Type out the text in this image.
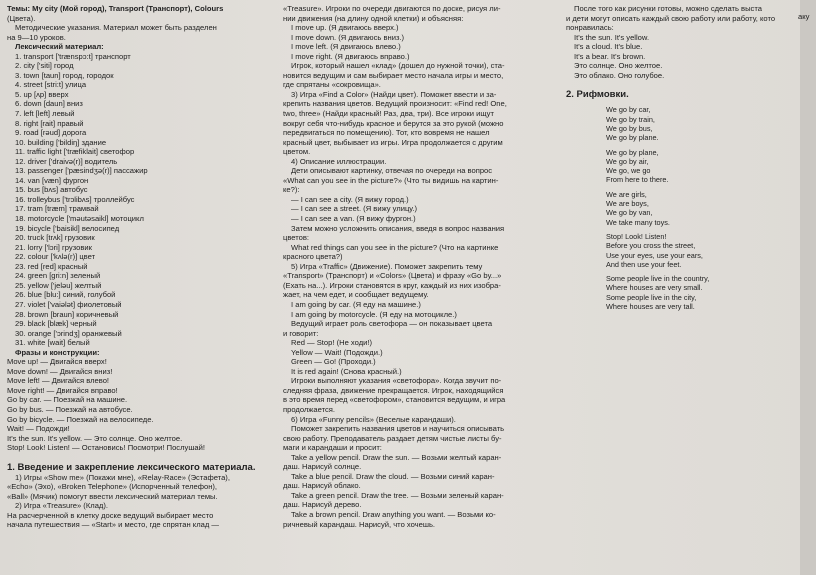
Темы: My city (Мой город), Transport (Транспорт), Colours
(Цвета).
Методические указания. Материал может быть разделен
на 9—10 уроков.
Лексический материал:
1. transport ['trænspɔ:t] транспорт
2. city ['siti] город
3. town [taun] город, городок
4. street [stri:t] улица
5. up [ʌp] вверх
6. down [daun] вниз
7. left [left] левый
8. right [rait] правый
9. road [rəud] дорога
10. building ['bildiŋ] здание
11. traffic light ['træfiklait] светофор
12. driver ['draivə(r)] водитель
13. passenger ['pæsindʒə(r)] пассажир
14. van [væn] фургон
15. bus [bʌs] автобус
16. trolleybus ['trɔlibʌs] троллейбус
17. tram [træm] трамвай
18. motorcycle ['məutəsaikl] мотоцикл
19. bicycle ['baisikl] велосипед
20. truck [trʌk] грузовик
21. lorry ['lɔri] грузовик
22. colour ['kʌlə(r)] цвет
23. red [red] красный
24. green [gri:n] зеленый
25. yellow ['jeləu] желтый
26. blue [blu:] синий, голубой
27. violet ['vaiələt] фиолетовый
28. brown [braun] коричневый
29. black [blæk] черный
30. orange ['ɔrindʒ] оранжевый
31. white [wait] белый
Фразы и конструкции:
Move up! — Двигайся вверх!
Move down! — Двигайся вниз!
Move left! — Двигайся влево!
Move right! — Двигайся вправо!
Go by car. — Поезжай на машине.
Go by bus. — Поезжай на автобусе.
Go by bicycle. — Поезжай на велосипеде.
Wait! — Подожди!
It's the sun. It's yellow. — Это солнце. Оно желтое.
Stop! Look! Listen! — Остановись! Посмотри! Послушай!
1. Введение и закрепление лексического материала.
1) Игры «Show me» (Покажи мне), «Relay-Race» (Эстафета),
«Echo» (Эхо), «Broken Telephone» (Испорченный телефон),
«Ball» (Мячик) помогут ввести лексический материал темы.
2) Игра «Treasure» (Клад).
На расчерченной в клетку доске ведущий выбирает место
начала путешествия — «Start» и место, где спрятан клад —
«Treasure». Игроки по очереди двигаются по доске, рисуя ли-
нии движения (на длину одной клетки) и объясняя:
I move up. (Я двигаюсь вверх.)
I move down. (Я двигаюсь вниз.)
I move left. (Я двигаюсь влево.)
I move right. (Я двигаюсь вправо.)
Игрок, который нашел «клад» (дошел до нужной точки), ста-
новится ведущим и сам выбирает место начала игры и место,
где спрятаны «сокровища».
3) Игра «Find a Color» (Найди цвет). Поможет ввести и за-
крепить названия цветов. Ведущий произносит: «Find red! One,
two, three» (Найди красный! Раз, два, три). Все игроки ищут
вокруг себя что-нибудь красное и берутся за это рукой (можно
передвигаться по помещению). Тот, кто вовремя не нашел
красный цвет, выбывает из игры. Игра продолжается с другим
цветом.
4) Описание иллюстрации.
Дети описывают картинку, отвечая по очереди на вопрос
«What can you see in the picture?» (Что ты видишь на картин-
ке?):
— I can see a city. (Я вижу город.)
— I can see a street. (Я вижу улицу.)
— I can see a van. (Я вижу фургон.)
Затем можно усложнить описания, введя в вопрос названия
цветов:
What red things can you see in the picture? (Что на картинке
красного цвета?)
5) Игра «Traffic» (Движение). Поможет закрепить тему
«Transport» (Транспорт) и «Colors» (Цвета) и фразу «Go by...»
(Ехать на...). Игроки становятся в круг, каждый из них изобра-
жает, на чем едет, и сообщает ведущему.
I am going by car. (Я еду на машине.)
I am going by motorcycle. (Я еду на мотоцикле.)
Ведущий играет роль светофора — он показывает цвета
и говорит:
Red — Stop! (Не ходи!)
Yellow — Wait! (Подожди.)
Green — Go! (Проходи.)
It is red again! (Снова красный.)
Игроки выполняют указания «светофора». Когда звучит по-
следняя фраза, движение прекращается. Игрок, находящийся
в это время перед «светофором», становится ведущим, и игра
продолжается.
6) Игра «Funny pencils» (Веселые карандаши).
Поможет закрепить названия цветов и научиться описывать
свою работу. Преподаватель раздает детям чистые листы бу-
маги и карандаши и просит:
Take a yellow pencil. Draw the sun. — Возьми желтый каран-
даш. Нарисуй солнце.
Take a blue pencil. Draw the cloud. — Возьми синий каран-
даш. Нарисуй облако.
Take a green pencil. Draw the tree. — Возьми зеленый каран-
даш. Нарисуй дерево.
Take a brown pencil. Draw anything you want. — Возьми ко-
ричневый карандаш. Нарисуй, что хочешь.
После того как рисунки готовы, можно сделать выста
и дети могут описать каждый свою работу или работу, кото
понравилась:
It's the sun. It's yellow.
It's a cloud. It's blue.
It's a bear. It's brown.
Это солнце. Оно желтое.
Это облако. Оно голубое.
2. Рифмовки.
We go by car,
We go by train,
We go by bus,
We go by plane.
We go by plane,
We go by air,
We go, we go
From here to there.
We are girls,
We are boys,
We go by van,
We take many toys.
Stop! Look! Listen!
Before you cross the street,
Use your eyes, use your ears,
And then use your feet.
Some people live in the country,
Where houses are very small.
Some people live in the city,
Where houses are very tall.
аку
